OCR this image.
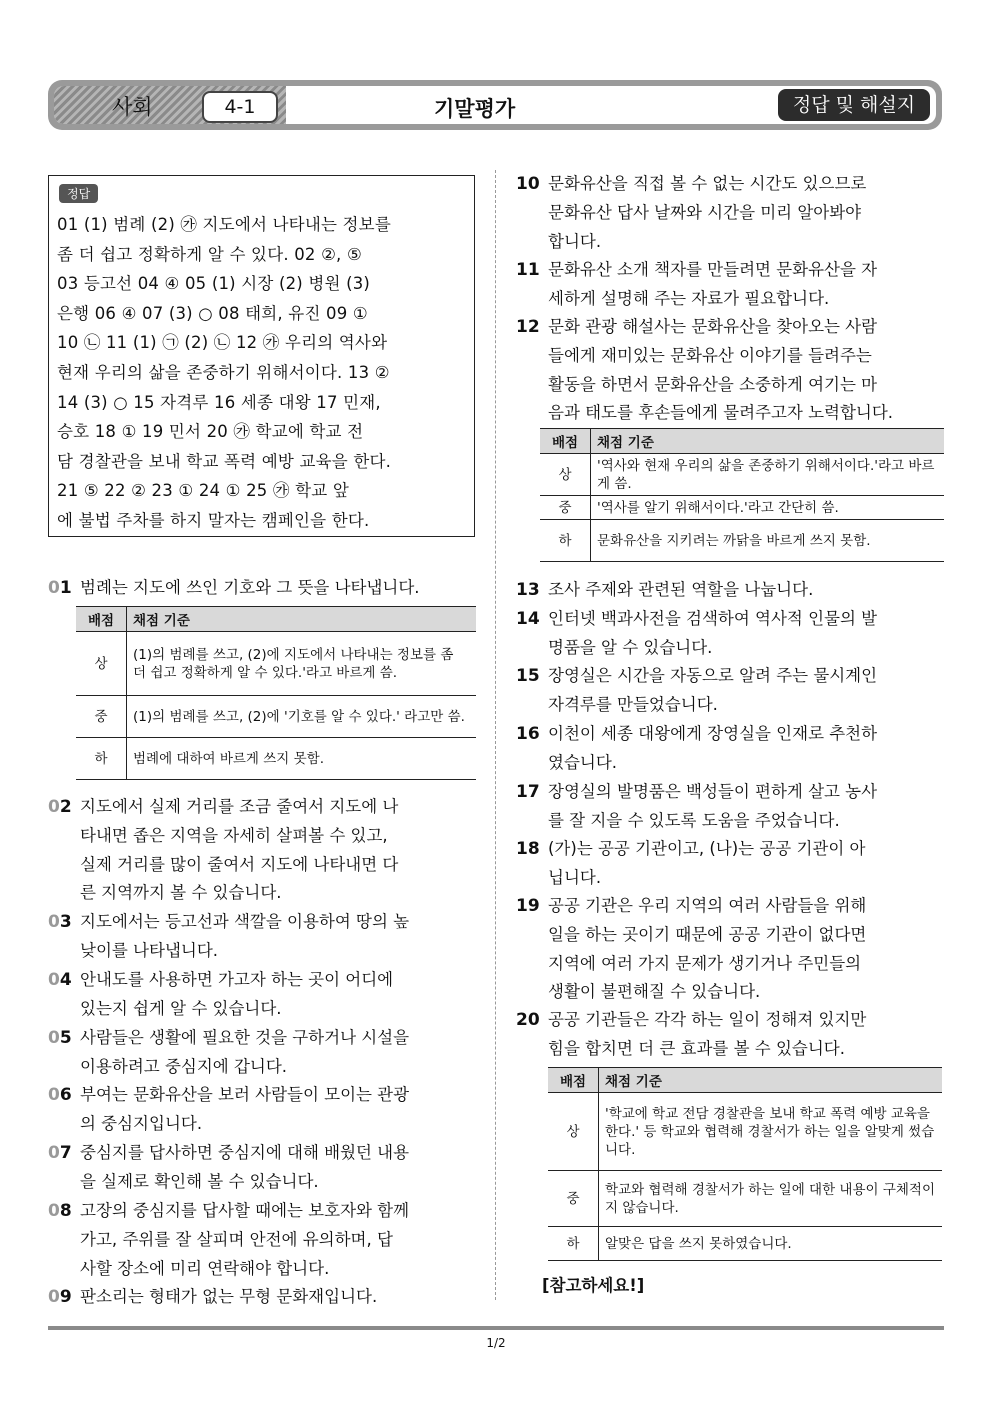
사회	4-1	기말평가	정답 및 해설지
정답
01 (1) 범례 (2) ㉮ 지도에서 나타내는 정보를
좀 더 쉽고 정확하게 알 수 있다. 02 ②, ⑤
03 등고선 04 ④ 05 (1) 시장 (2) 병원 (3)
은행 06 ④ 07 (3) ○ 08 태희, 유진 09 ①
10 ㉡ 11 (1) ㉠ (2) ㉡ 12 ㉮ 우리의 역사와
현재 우리의 삶을 존중하기 위해서이다. 13 ②
14 (3) ○ 15 자격루 16 세종 대왕 17 민재,
승호 18 ① 19 민서 20 ㉮ 학교에 학교 전
담 경찰관을 보내 학교 폭력 예방 교육을 한다.
21 ⑤ 22 ② 23 ① 24 ① 25 ㉮ 학교 앞
에 불법 주차를 하지 말자는 캠페인을 한다.
01 범례는 지도에 쓰인 기호와 그 뜻을 나타냅니다.
배점	채점 기준
상	(1)의 범례를 쓰고, (2)에 지도에서 나타내는 정보를 좀 더 쉽고 정확하게 알 수 있다.'라고 바르게 씀.
중	(1)의 범례를 쓰고, (2)에 '기호를 알 수 있다.' 라고만 씀.
하	범례에 대하여 바르게 쓰지 못함.
02 지도에서 실제 거리를 조금 줄여서 지도에 나
타내면 좁은 지역을 자세히 살펴볼 수 있고,
실제 거리를 많이 줄여서 지도에 나타내면 다
른 지역까지 볼 수 있습니다.
03 지도에서는 등고선과 색깔을 이용하여 땅의 높
낮이를 나타냅니다.
04 안내도를 사용하면 가고자 하는 곳이 어디에
있는지 쉽게 알 수 있습니다.
05 사람들은 생활에 필요한 것을 구하거나 시설을
이용하려고 중심지에 갑니다.
06 부여는 문화유산을 보러 사람들이 모이는 관광
의 중심지입니다.
07 중심지를 답사하면 중심지에 대해 배웠던 내용
을 실제로 확인해 볼 수 있습니다.
08 고장의 중심지를 답사할 때에는 보호자와 함께
가고, 주위를 잘 살피며 안전에 유의하며, 답
사할 장소에 미리 연락해야 합니다.
09 판소리는 형태가 없는 무형 문화재입니다.
10 문화유산을 직접 볼 수 없는 시간도 있으므로
문화유산 답사 날짜와 시간을 미리 알아봐야
합니다.
11 문화유산 소개 책자를 만들려면 문화유산을 자
세하게 설명해 주는 자료가 필요합니다.
12 문화 관광 해설사는 문화유산을 찾아오는 사람
들에게 재미있는 문화유산 이야기를 들려주는
활동을 하면서 문화유산을 소중하게 여기는 마
음과 태도를 후손들에게 물려주고자 노력합니다.
배점	채점 기준
상	'역사와 현재 우리의 삶을 존중하기 위해서이다.'라고 바르게 씀.
중	'역사를 알기 위해서이다.'라고 간단히 씀.
하	문화유산을 지키려는 까닭을 바르게 쓰지 못함.
13 조사 주제와 관련된 역할을 나눕니다.
14 인터넷 백과사전을 검색하여 역사적 인물의 발
명품을 알 수 있습니다.
15 장영실은 시간을 자동으로 알려 주는 물시계인
자격루를 만들었습니다.
16 이천이 세종 대왕에게 장영실을 인재로 추천하
였습니다.
17 장영실의 발명품은 백성들이 편하게 살고 농사
를 잘 지을 수 있도록 도움을 주었습니다.
18 (가)는 공공 기관이고, (나)는 공공 기관이 아
닙니다.
19 공공 기관은 우리 지역의 여러 사람들을 위해
일을 하는 곳이기 때문에 공공 기관이 없다면
지역에 여러 가지 문제가 생기거나 주민들의
생활이 불편해질 수 있습니다.
20 공공 기관들은 각각 하는 일이 정해져 있지만
힘을 합치면 더 큰 효과를 볼 수 있습니다.
배점	채점 기준
상	'학교에 학교 전담 경찰관을 보내 학교 폭력 예방 교육을 한다.' 등 학교와 협력해 경찰서가 하는 일을 알맞게 썼습니다.
중	학교와 협력해 경찰서가 하는 일에 대한 내용이 구체적이지 않습니다.
하	알맞은 답을 쓰지 못하였습니다.
[참고하세요!]
1/2
